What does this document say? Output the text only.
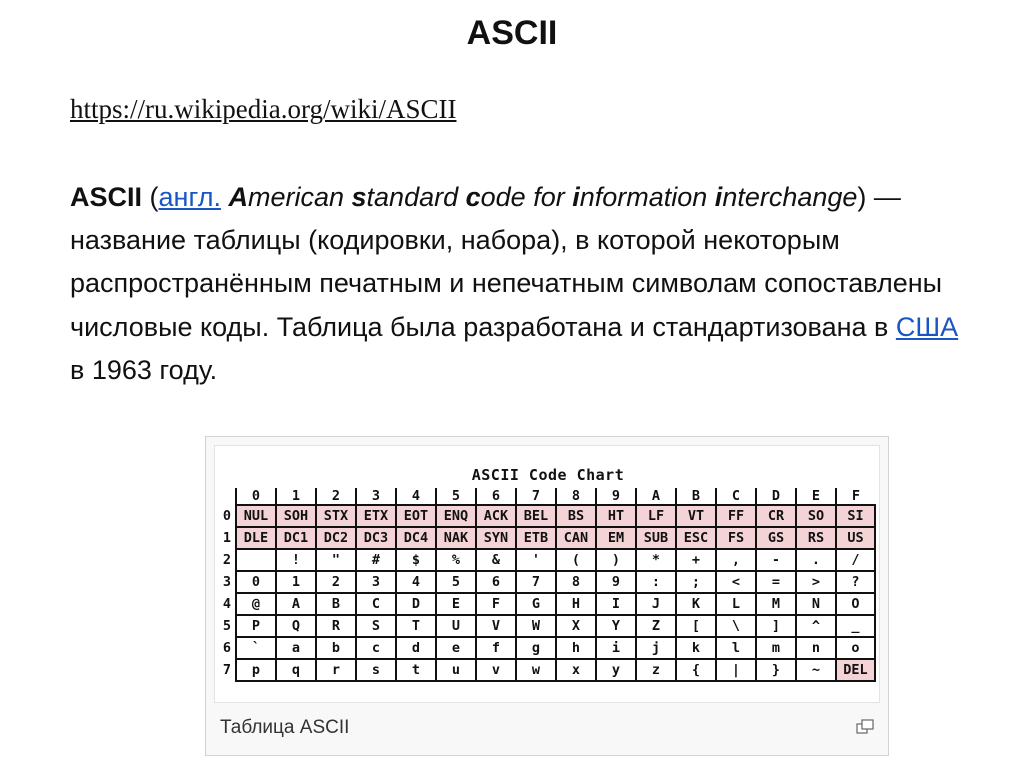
ASCII
https://ru.wikipedia.org/wiki/ASCII

ASCII (англ. American standard code for information interchange) — название таблицы (кодировки, набора), в которой некоторым распространённым печатным и непечатным символам сопоставлены числовые коды. Таблица была разработана и стандартизована в США в 1963 году.

ASCII Code Chart
	0	1	2	3	4	5	6	7	8	9	A	B	C	D	E	F
0	NUL	SOH	STX	ETX	EOT	ENQ	ACK	BEL	BS	HT	LF	VT	FF	CR	SO	SI
1	DLE	DC1	DC2	DC3	DC4	NAK	SYN	ETB	CAN	EM	SUB	ESC	FS	GS	RS	US
2		!	"	#	$	%	&	'	(	)	*	+	,	-	.	/
3	0	1	2	3	4	5	6	7	8	9	:	;	<	=	>	?
4	@	A	B	C	D	E	F	G	H	I	J	K	L	M	N	O
5	P	Q	R	S	T	U	V	W	X	Y	Z	[	\	]	^	_
6	`	a	b	c	d	e	f	g	h	i	j	k	l	m	n	o
7	p	q	r	s	t	u	v	w	x	y	z	{	|	}	~	DEL
Таблица ASCII
